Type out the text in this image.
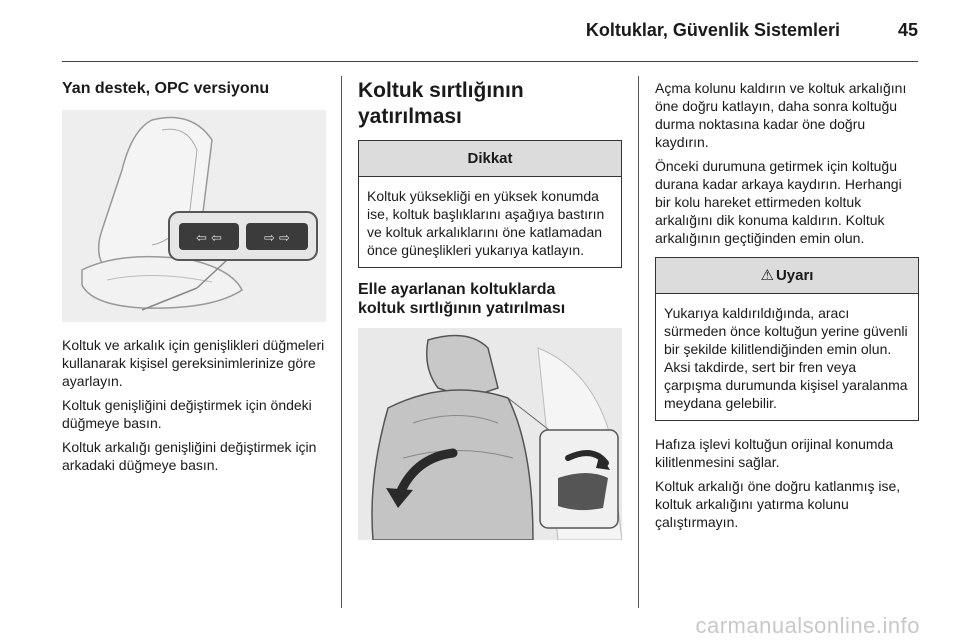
Koltuklar, Güvenlik Sistemleri	45
Yan destek, OPC versiyonu
⇦ ⇦	⇨ ⇨

Koltuk ve arkalık için genişlikleri düğmeleri kullanarak kişisel gereksinimlerinize göre ayarlayın.

Koltuk genişliğini değiştirmek için öndeki düğmeye basın.

Koltuk arkalığı genişliğini değiştirmek için arkadaki düğmeye basın.

Koltuk sırtlığının
yatırılması
Dikkat
Koltuk yüksekliği en yüksek konumda ise, koltuk başlıklarını aşağıya bastırın ve koltuk arkalıklarını öne katlamadan önce güneşlikleri yukarıya katlayın.
Elle ayarlanan koltuklarda
koltuk sırtlığının yatırılması

Açma kolunu kaldırın ve koltuk arkalığını öne doğru katlayın, daha sonra koltuğu durma noktasına kadar öne doğru kaydırın.

Önceki durumuna getirmek için koltuğu durana kadar arkaya kaydırın. Herhangi bir kolu hareket ettirmeden koltuk arkalığını dik konuma kaldırın. Koltuk arkalığının geçtiğinden emin olun.

⚠ Uyarı
Yukarıya kaldırıldığında, aracı sürmeden önce koltuğun yerine güvenli bir şekilde kilitlendiğinden emin olun. Aksi takdirde, sert bir fren veya çarpışma durumunda kişisel yaralanma meydana gelebilir.

Hafıza işlevi koltuğun orijinal konumda kilitlenmesini sağlar.

Koltuk arkalığı öne doğru katlanmış ise, koltuk arkalığını yatırma kolunu çalıştırmayın.

carmanualsonline.info
